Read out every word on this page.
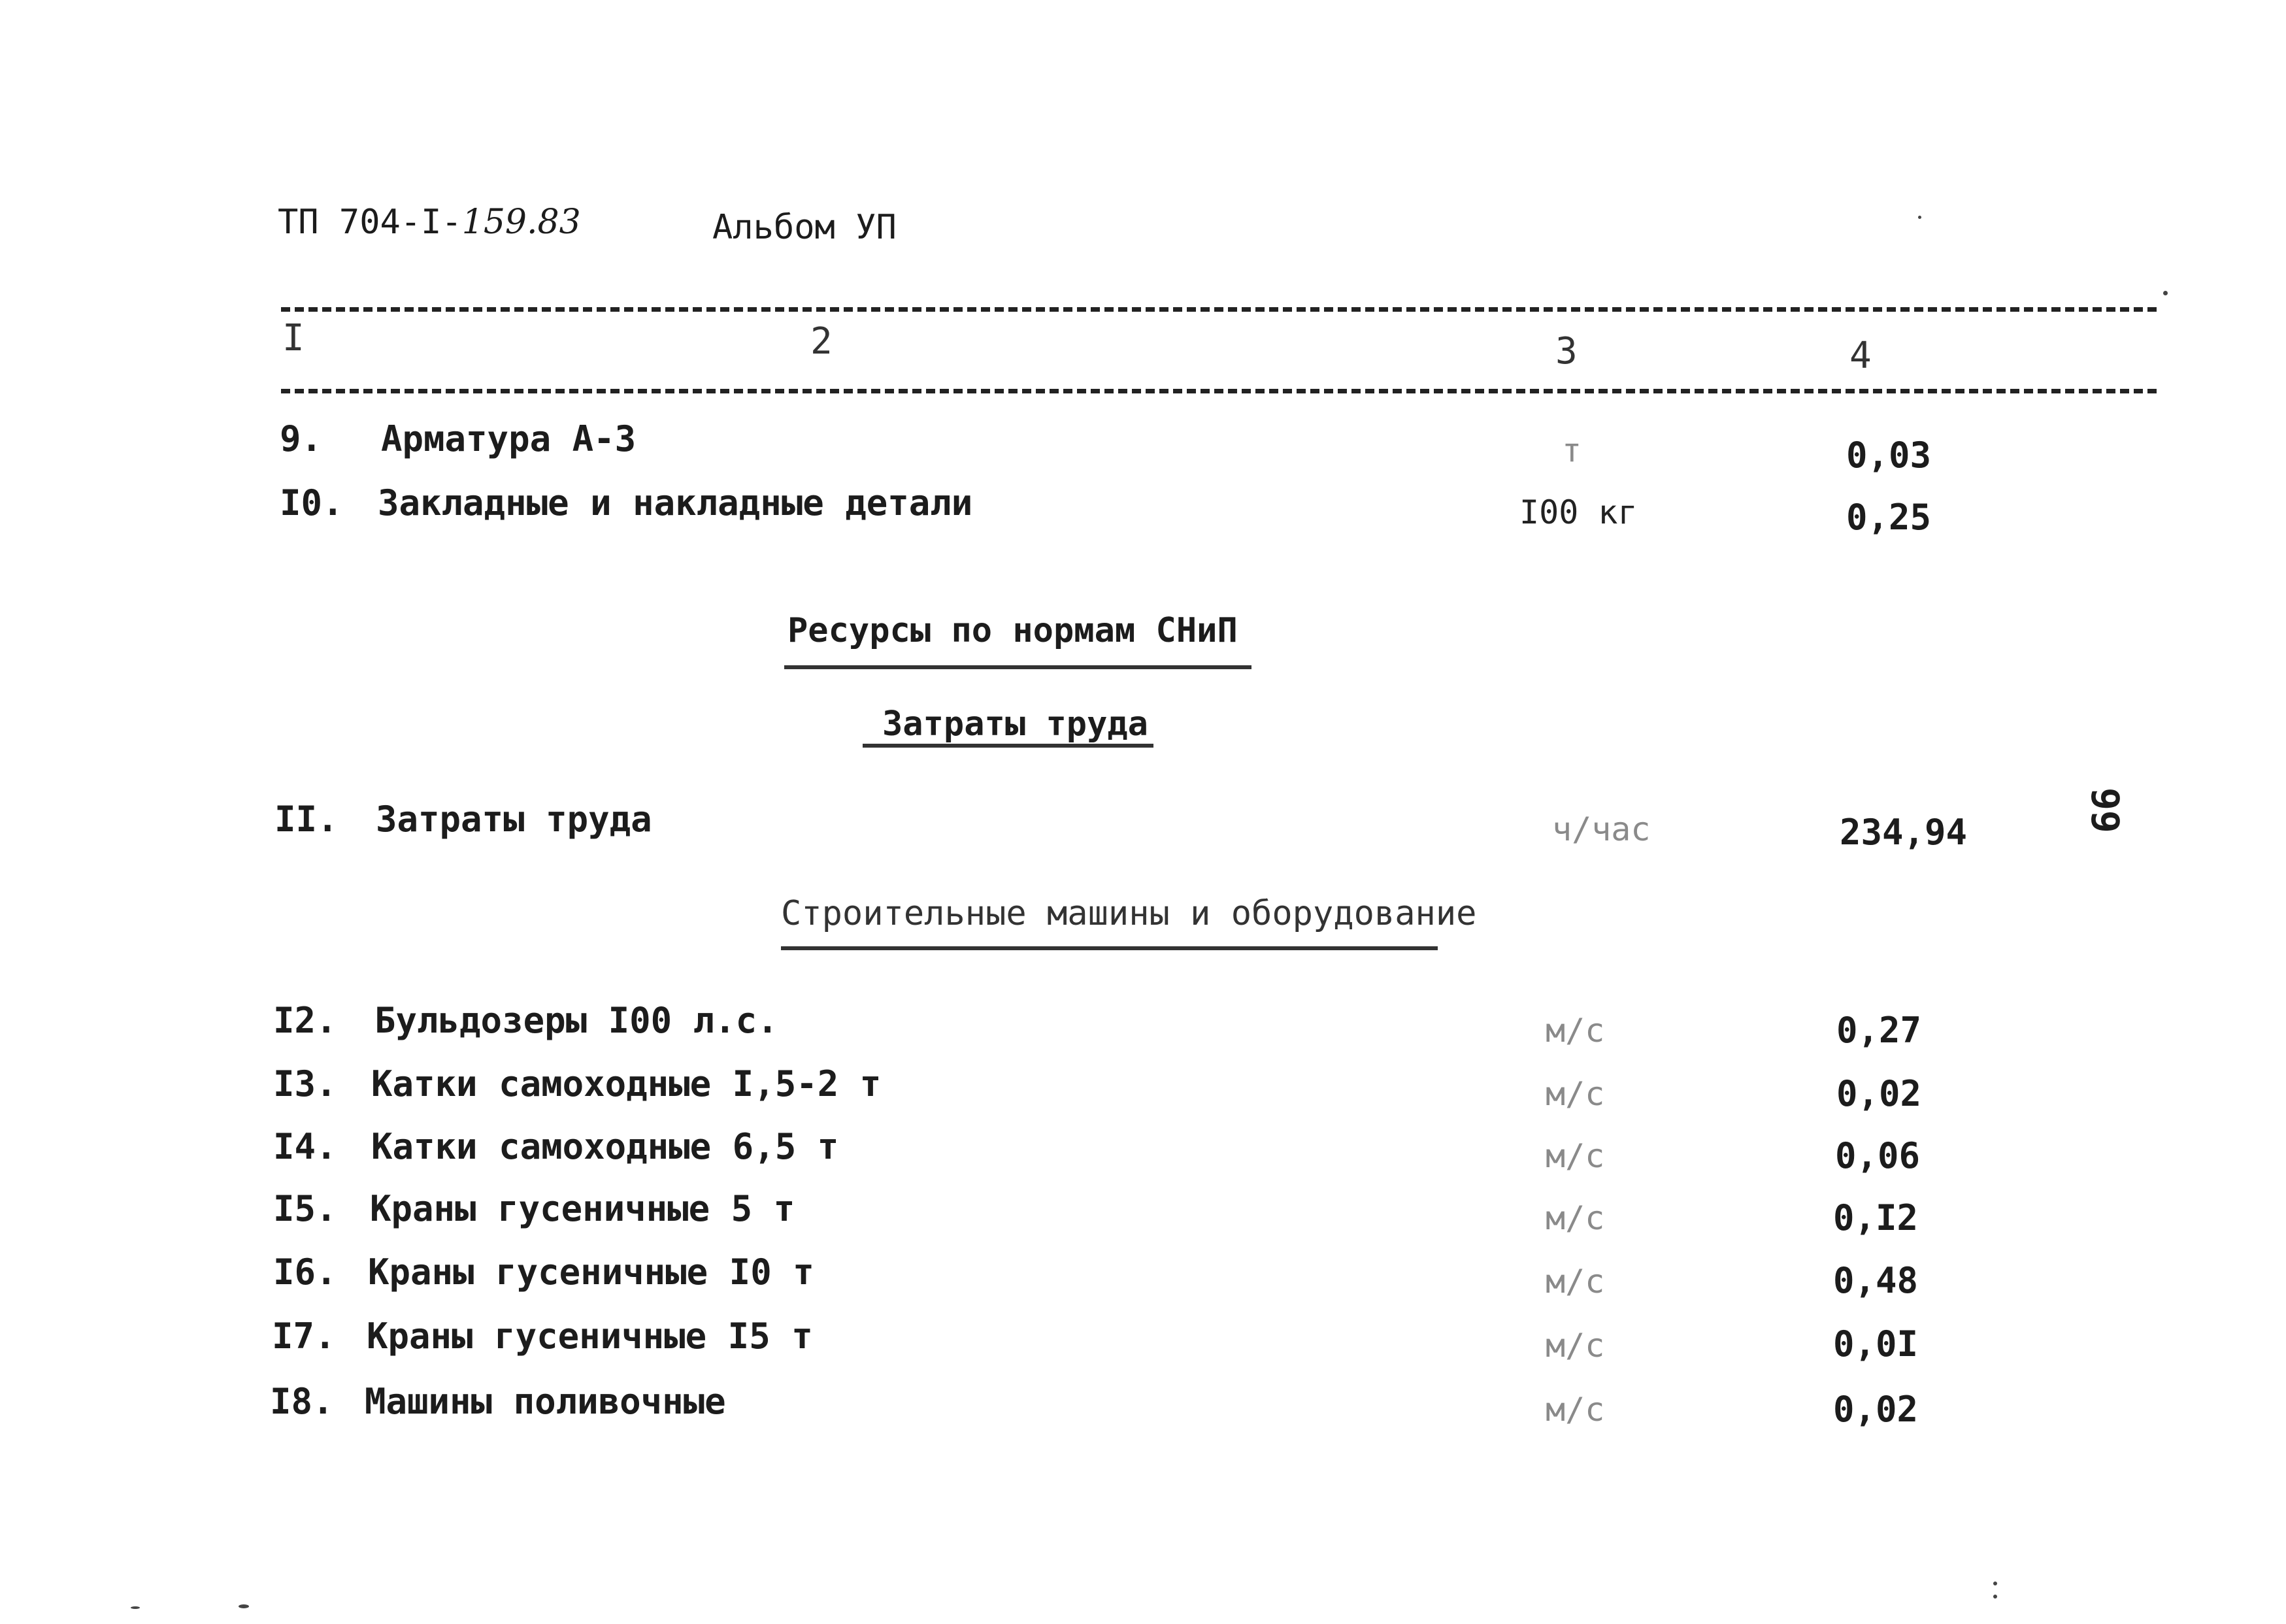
ТП 704-I-159.83	Альбом УП
I	2	3	4
9. Арматура А-3	т	0,03
I0. Закладные и накладные детали	I00 кг	0,25
Ресурсы по нормам СНиП
Затраты труда
II. Затраты труда	ч/час	234,94
Строительные машины и оборудование
I2. Бульдозеры I00 л.с.	м/с	0,27
I3. Катки самоходные I,5-2 т	м/с	0,02
I4. Катки самоходные 6,5 т	м/с	0,06
I5. Краны гусеничные 5 т	м/с	0,I2
I6. Краны гусеничные I0 т	м/с	0,48
I7. Краны гусеничные I5 т	м/с	0,0I
I8. Машины поливочные	м/с	0,02
99
